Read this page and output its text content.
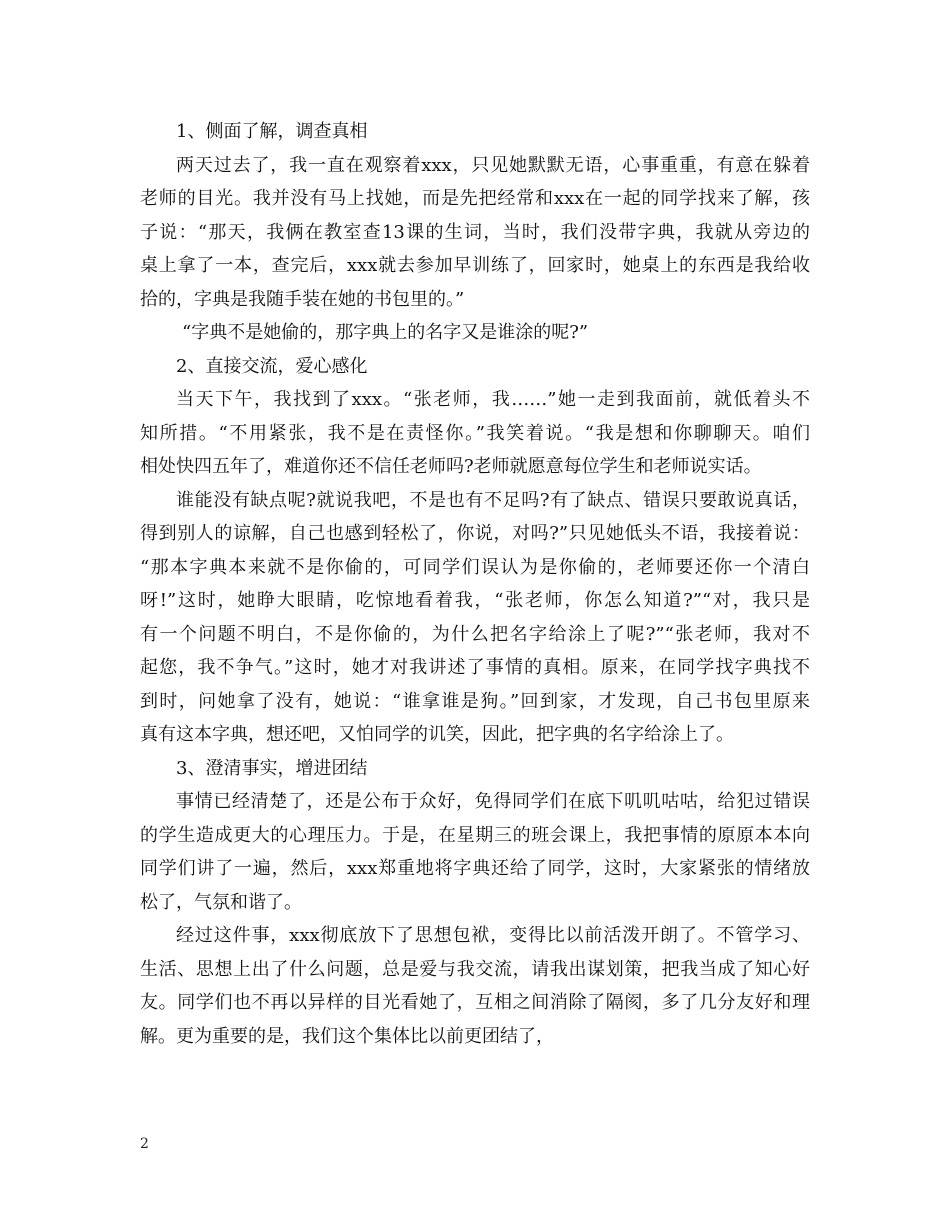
1、侧面了解，调查真相
两天过去了，我一直在观察着xxx，只见她默默无语，心事重重，有意在躲着
老师的目光。我并没有马上找她，而是先把经常和xxx在一起的同学找来了解，孩
子说：“那天，我俩在教室查13课的生词，当时，我们没带字典，我就从旁边的
桌上拿了一本，查完后，xxx就去参加早训练了，回家时，她桌上的东西是我给收
拾的，字典是我随手装在她的书包里的。”
“字典不是她偷的，那字典上的名字又是谁涂的呢?”
2、直接交流，爱心感化
当天下午，我找到了xxx。“张老师，我……”她一走到我面前，就低着头不
知所措。“不用紧张，我不是在责怪你。”我笑着说。“我是想和你聊聊天。咱们
相处快四五年了，难道你还不信任老师吗?老师就愿意每位学生和老师说实话。
谁能没有缺点呢?就说我吧，不是也有不足吗?有了缺点、错误只要敢说真话，
得到别人的谅解，自己也感到轻松了，你说，对吗?”只见她低头不语，我接着说：
“那本字典本来就不是你偷的，可同学们误认为是你偷的，老师要还你一个清白
呀!”这时，她睁大眼睛，吃惊地看着我，“张老师，你怎么知道?”“对，我只是
有一个问题不明白，不是你偷的，为什么把名字给涂上了呢?”“张老师，我对不
起您，我不争气。”这时，她才对我讲述了事情的真相。原来，在同学找字典找不
到时，问她拿了没有，她说：“谁拿谁是狗。”回到家，才发现，自己书包里原来
真有这本字典，想还吧，又怕同学的讥笑，因此，把字典的名字给涂上了。
3、澄清事实，增进团结
事情已经清楚了，还是公布于众好，免得同学们在底下叽叽咕咕，给犯过错误
的学生造成更大的心理压力。于是，在星期三的班会课上，我把事情的原原本本向
同学们讲了一遍，然后，xxx郑重地将字典还给了同学，这时，大家紧张的情绪放
松了，气氛和谐了。
经过这件事，xxx彻底放下了思想包袱，变得比以前活泼开朗了。不管学习、
生活、思想上出了什么问题，总是爱与我交流，请我出谋划策，把我当成了知心好
友。同学们也不再以异样的目光看她了，互相之间消除了隔阂，多了几分友好和理
解。更为重要的是，我们这个集体比以前更团结了，
2
